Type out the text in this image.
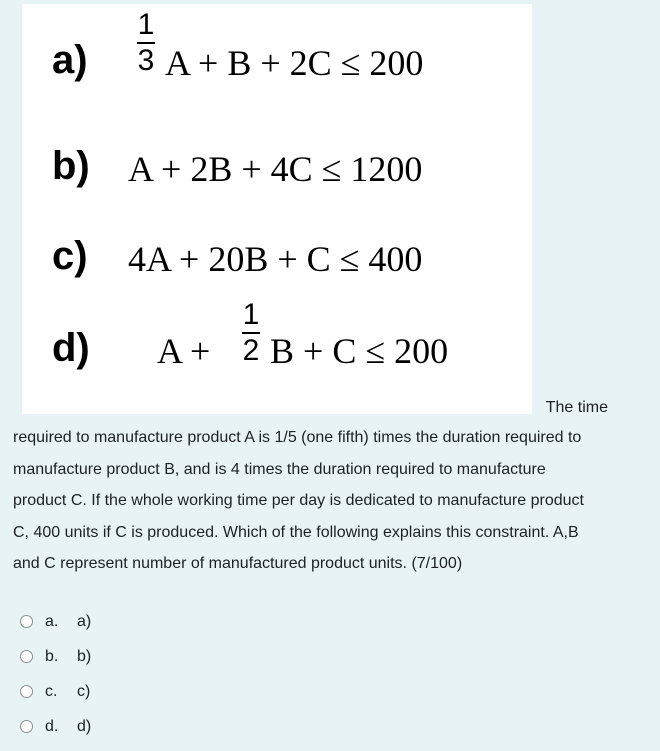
a)
1
3 A + B + 2C ≤ 200
b) A + 2B + 4C ≤ 1200
c) 4A + 20B + C ≤ 400
d) A +
1
2 B + C ≤ 200
The time
required to manufacture product A is 1/5 (one fifth) times the duration required to
manufacture product B, and is 4 times the duration required to manufacture
product C. If the whole working time per day is dedicated to manufacture product
C, 400 units if C is produced. Which of the following explains this constraint. A,B
and C represent number of manufactured product units. (7/100)
a.	a)
b.	b)
c.	c)
d.	d)
